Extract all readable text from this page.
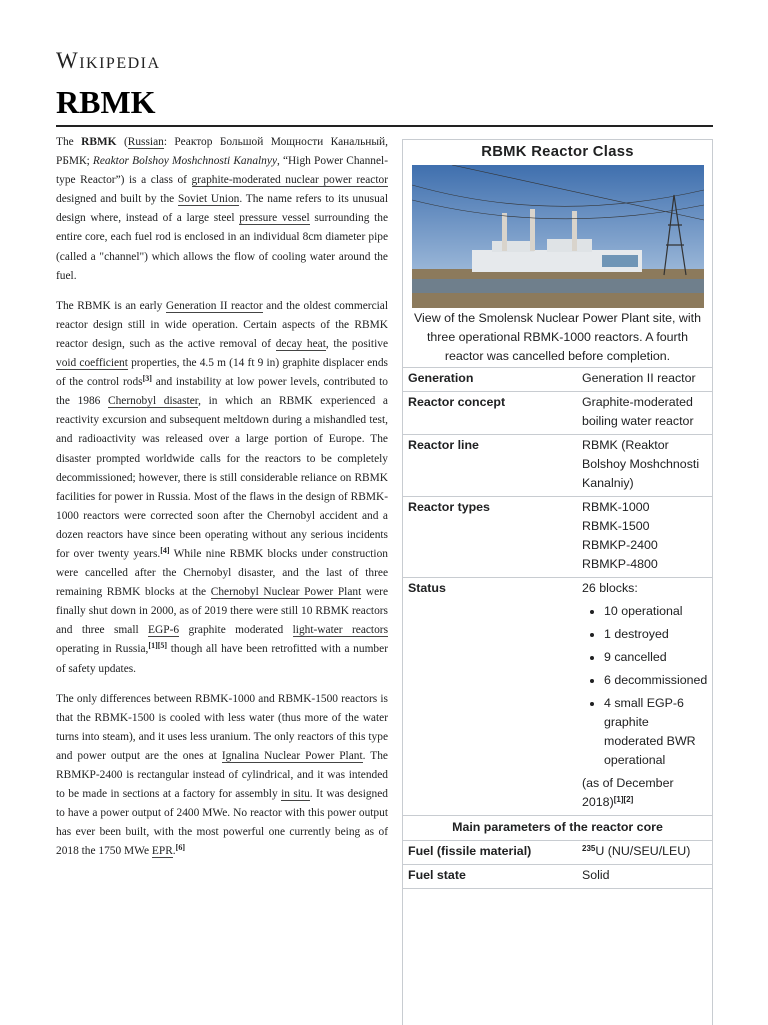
Wikipedia
RBMK

The RBMK (Russian: Реактор Большой Мощности Канальный, РБМК; Reaktor Bolshoy Moshchnosti Kanalnyy, “High Power Channel-type Reactor”) is a class of graphite-moderated nuclear power reactor designed and built by the Soviet Union. The name refers to its unusual design where, instead of a large steel pressure vessel surrounding the entire core, each fuel rod is enclosed in an individual 8cm diameter pipe (called a "channel") which allows the flow of cooling water around the fuel.

The RBMK is an early Generation II reactor and the oldest commercial reactor design still in wide operation. Certain aspects of the RBMK reactor design, such as the active removal of decay heat, the positive void coefficient properties, the 4.5 m (14 ft 9 in) graphite displacer ends of the control rods[3] and instability at low power levels, contributed to the 1986 Chernobyl disaster, in which an RBMK experienced a reactivity excursion and subsequent meltdown during a mishandled test, and radioactivity was released over a large portion of Europe. The disaster prompted worldwide calls for the reactors to be completely decommissioned; however, there is still considerable reliance on RBMK facilities for power in Russia. Most of the flaws in the design of RBMK-1000 reactors were corrected soon after the Chernobyl accident and a dozen reactors have since been operating without any serious incidents for over twenty years.[4] While nine RBMK blocks under construction were cancelled after the Chernobyl disaster, and the last of three remaining RBMK blocks at the Chernobyl Nuclear Power Plant were finally shut down in 2000, as of 2019 there were still 10 RBMK reactors and three small EGP-6 graphite moderated light-water reactors operating in Russia,[1][5] though all have been retrofitted with a number of safety updates.

The only differences between RBMK-1000 and RBMK-1500 reactors is that the RBMK-1500 is cooled with less water (thus more of the water turns into steam), and it uses less uranium. The only reactors of this type and power output are the ones at Ignalina Nuclear Power Plant. The RBMKP-2400 is rectangular instead of cylindrical, and it was intended to be made in sections at a factory for assembly in situ. It was designed to have a power output of 2400 MWe. No reactor with this power output has ever been built, with the most powerful one currently being as of 2018 the 1750 MWe EPR.[6]

RBMK Reactor Class
View of the Smolensk Nuclear Power Plant site, with three operational RBMK-1000 reactors. A fourth reactor was cancelled before completion.
Generation	Generation II reactor
Reactor concept	Graphite-moderated boiling water reactor
Reactor line	RBMK (Reaktor Bolshoy Moshchnosti Kanalniy)
Reactor types	RBMK-1000
RBMK-1500
RBMKP-2400
RBMKP-4800
Status	26 blocks:
• 10 operational
• 1 destroyed
• 9 cancelled
• 6 decommissioned
• 4 small EGP-6 graphite moderated BWR operational
(as of December 2018)[1][2]
Main parameters of the reactor core
Fuel (fissile material)	$^{235}$U (NU/SEU/LEU)
Fuel state	Solid
